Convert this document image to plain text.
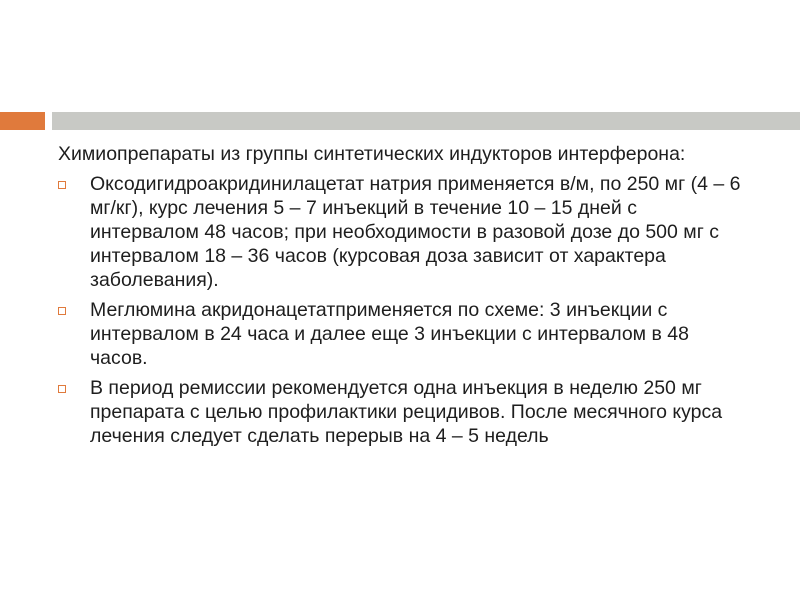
Химиопрепараты из группы синтетических индукторов интерферона:

Оксодигидроакридинилацетат натрия применяется в/м, по 250 мг (4 – 6 мг/кг), курс лечения 5 – 7 инъекций в течение 10 – 15 дней с интервалом 48 часов; при необходимости в разовой дозе до 500 мг с интервалом 18 – 36 часов (курсовая доза зависит от характера заболевания).
Меглюмина акридонацетатприменяется по схеме: 3 инъекции с интервалом в 24 часа и далее еще 3 инъекции с интервалом в 48 часов.
В период ремиссии рекомендуется одна инъекция в неделю 250 мг препарата с целью профилактики рецидивов. После месячного курса лечения следует сделать перерыв на 4 – 5 недель
